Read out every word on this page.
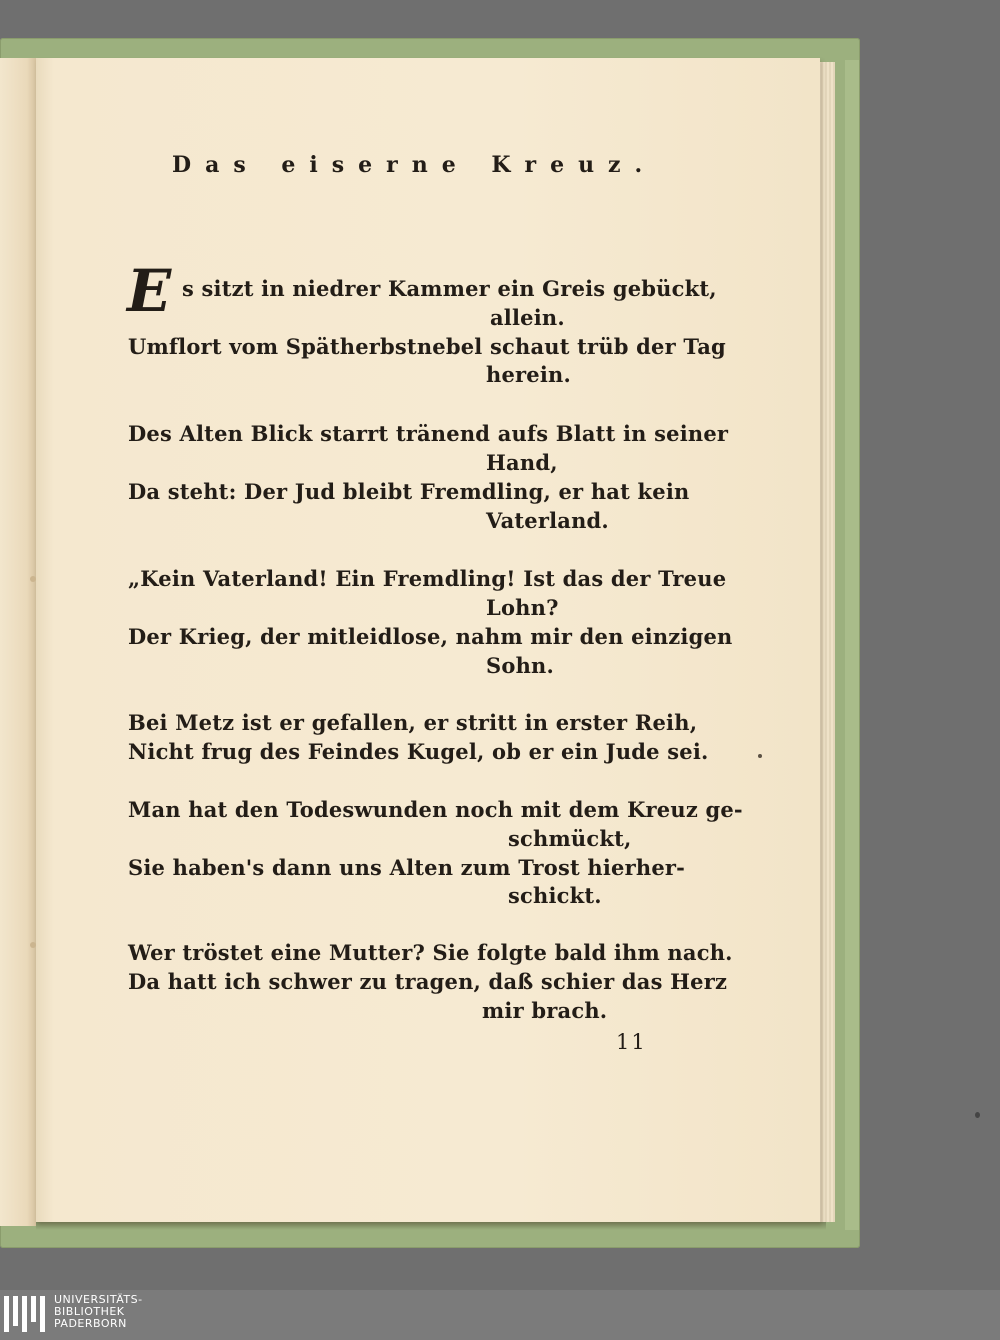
Das eiserne Kreuz.
E s sitzt in niedrer Kammer ein Greis gebückt,
allein.
Umflort vom Spätherbstnebel schaut trüb der Tag
herein.
Des Alten Blick starrt tränend aufs Blatt in seiner
Hand,
Da steht: Der Jud bleibt Fremdling, er hat kein
Vaterland.
„Kein Vaterland! Ein Fremdling! Ist das der Treue
Lohn?
Der Krieg, der mitleidlose, nahm mir den einzigen
Sohn.
Bei Metz ist er gefallen, er stritt in erster Reih,
Nicht frug des Feindes Kugel, ob er ein Jude sei.
Man hat den Todeswunden noch mit dem Kreuz ge-
schmückt,
Sie haben's dann uns Alten zum Trost hierher-
schickt.
Wer tröstet eine Mutter? Sie folgte bald ihm nach.
Da hatt ich schwer zu tragen, daß schier das Herz
mir brach.
11
UNIVERSITÄTS-
BIBLIOTHEK
PADERBORN
